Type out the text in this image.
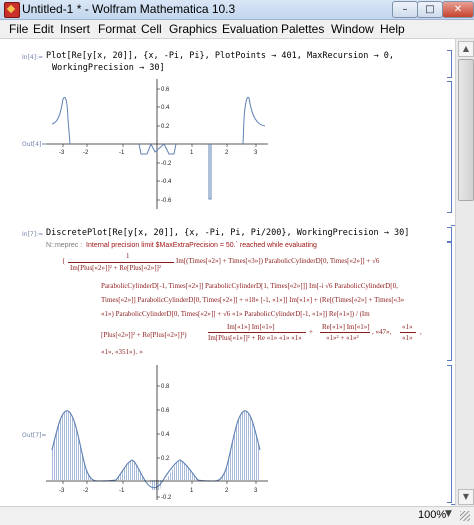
Untitled-1 * - Wolfram Mathematica 10.3	–	□	✕
File Edit Insert Format Cell Graphics Evaluation Palettes Window Help
In[4]:= Plot[Re[y[x, 20]], {x, -Pi, Pi}, PlotPoints → 401, MaxRecursion → 0,
WorkingPrecision → 30]
Out[4]=
-3	-2	-1	1	2	3
0.6
0.4
0.2
-0.2
-0.4
-0.6
In[7]:= DiscretePlot[Re[y[x, 20]], {x, -Pi, Pi, Pi/200}, WorkingPrecision → 30]
N::meprec : Internal precision limit $MaxExtraPrecision = 50.` reached while evaluating
1
Im[Plus[«2»]]² + Re[Plus[«2»]]²
{	Im[(Times[«2»] + Times[«3»]) ParabolicCylinderD[0, Times[«2»]] + √6
ParabolicCylinderD[-1, Times[«2»]] ParabolicCylinderD[1, Times[«2»]]] Im[-i √6 ParabolicCylinderD[0,
Times[«2»]] ParabolicCylinderD[0, Times[«2»]] + «18» [-1, «1»]] Im[«1»] + (Re[(Times[«2»] + Times[«3»
«1») ParabolicCylinderD[0, Times[«2»]] + √6 «1» ParabolicCylinderD[-1, «1»]] Re[«1»]) / (Im
[Plus[«2»]]² + Re[Plus[«2»]]²)
Im[«1»] Im[«1»]
Im[Plus[«1»]]² + Re «1» «1» «1»
+
Re[«1»] Im[«1»]
«1»² + «1»²
, «47»,
«1»
«1»
,
«1», «351»}. »
Out[7]=
-3	-2	-1	1	2	3
0.8
0.6
0.4
0.2
-0.2
▲
▼
100%
▼
